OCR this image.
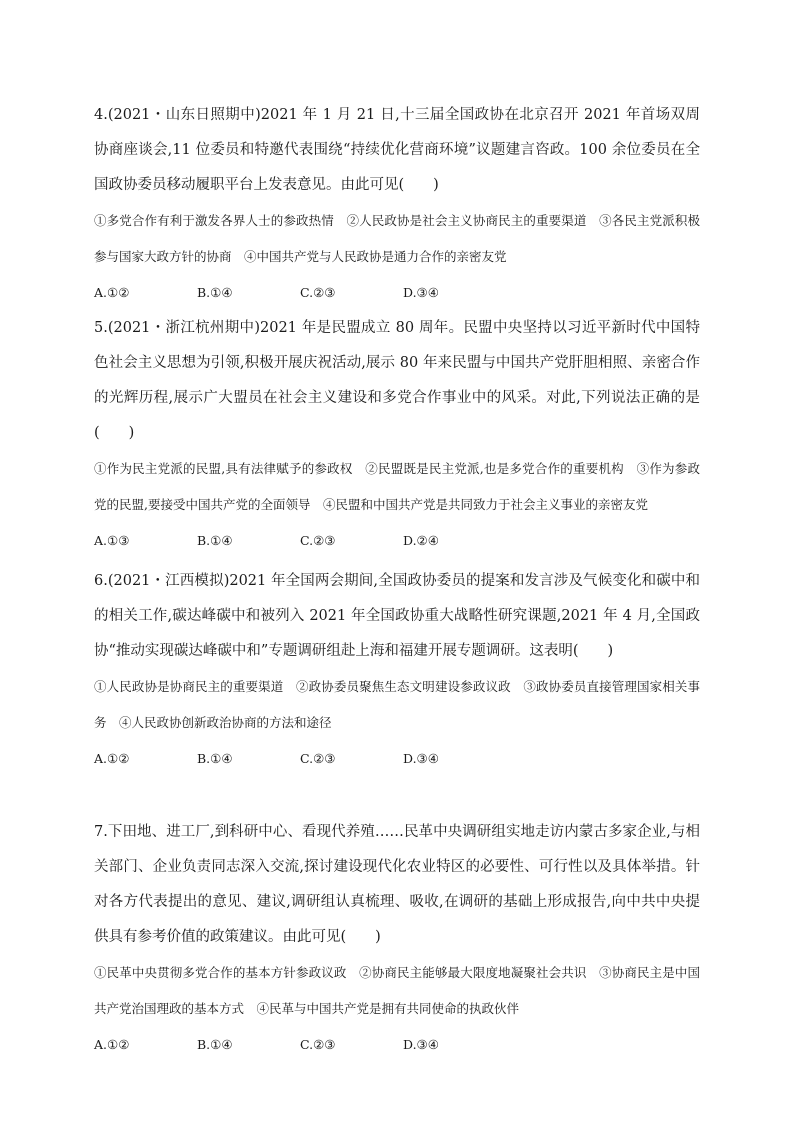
4.(2021・山东日照期中)2021 年 1 月 21 日,十三届全国政协在北京召开 2021 年首场双周协商座谈会,11 位委员和特邀代表围绕“持续优化营商环境”议题建言咨政。100 余位委员在全国政协委员移动履职平台上发表意见。由此可见(　　)

①多党合作有利于激发各界人士的参政热情　②人民政协是社会主义协商民主的重要渠道　③各民主党派积极参与国家大政方针的协商　④中国共产党与人民政协是通力合作的亲密友党

A.①②	B.①④	C.②③	D.③④

5.(2021・浙江杭州期中)2021 年是民盟成立 80 周年。民盟中央坚持以习近平新时代中国特色社会主义思想为引领,积极开展庆祝活动,展示 80 年来民盟与中国共产党肝胆相照、亲密合作的光辉历程,展示广大盟员在社会主义建设和多党合作事业中的风采。对此,下列说法正确的是　　　(　　)

①作为民主党派的民盟,具有法律赋予的参政权　②民盟既是民主党派,也是多党合作的重要机构　③作为参政党的民盟,要接受中国共产党的全面领导　④民盟和中国共产党是共同致力于社会主义事业的亲密友党

A.①③	B.①④	C.②③	D.②④

6.(2021・江西模拟)2021 年全国两会期间,全国政协委员的提案和发言涉及气候变化和碳中和的相关工作,碳达峰碳中和被列入 2021 年全国政协重大战略性研究课题,2021 年 4 月,全国政协“推动实现碳达峰碳中和”专题调研组赴上海和福建开展专题调研。这表明(　　)

①人民政协是协商民主的重要渠道　②政协委员聚焦生态文明建设参政议政　③政协委员直接管理国家相关事务　④人民政协创新政治协商的方法和途径

A.①②	B.①④	C.②③	D.③④

7.下田地、进工厂,到科研中心、看现代养殖……民革中央调研组实地走访内蒙古多家企业,与相关部门、企业负责同志深入交流,探讨建设现代化农业特区的必要性、可行性以及具体举措。针对各方代表提出的意见、建议,调研组认真梳理、吸收,在调研的基础上形成报告,向中共中央提供具有参考价值的政策建议。由此可见(　　)

①民革中央贯彻多党合作的基本方针参政议政　②协商民主能够最大限度地凝聚社会共识　③协商民主是中国共产党治国理政的基本方式　④民革与中国共产党是拥有共同使命的执政伙伴

A.①②	B.①④	C.②③	D.③④
